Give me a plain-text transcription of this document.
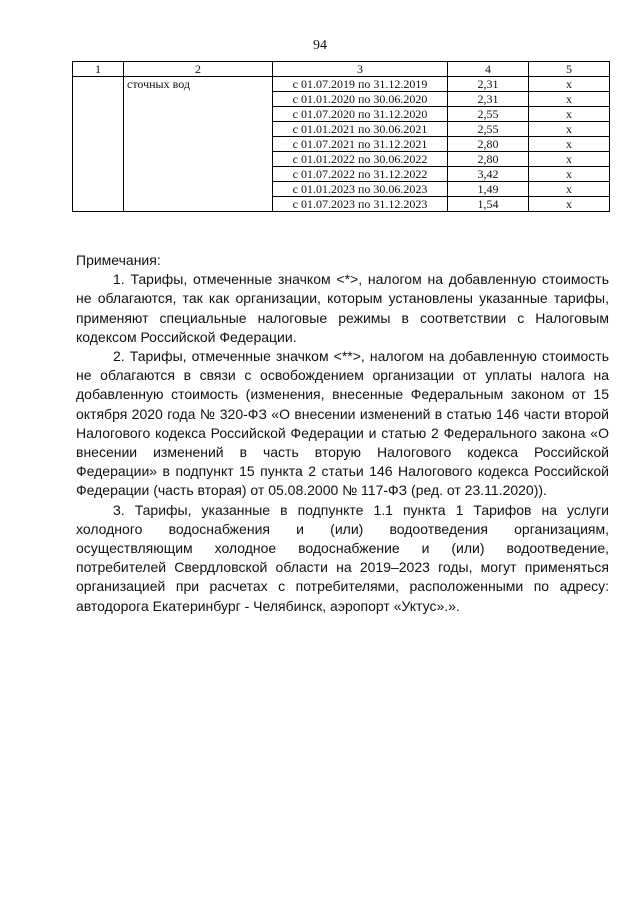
94
1	2	3	4	5
	сточных вод	с 01.07.2019 по 31.12.2019	2,31	х
		с 01.01.2020 по 30.06.2020	2,31	х
		с 01.07.2020 по 31.12.2020	2,55	х
		с 01.01.2021 по 30.06.2021	2,55	х
		с 01.07.2021 по 31.12.2021	2,80	х
		с 01.01.2022 по 30.06.2022	2,80	х
		с 01.07.2022 по 31.12.2022	3,42	х
		с 01.01.2023 по 30.06.2023	1,49	х
		с 01.07.2023 по 31.12.2023	1,54	х

Примечания:

1. Тарифы, отмеченные значком <*>, налогом на добавленную стоимость не облагаются, так как организации, которым установлены указанные тарифы, применяют специальные налоговые режимы в соответствии с Налоговым кодексом Российской Федерации.

2. Тарифы, отмеченные значком <**>, налогом на добавленную стоимость не облагаются в связи с освобождением организации от уплаты налога на добавленную стоимость (изменения, внесенные Федеральным законом от 15 октября 2020 года № 320-ФЗ «О внесении изменений в статью 146 части второй Налогового кодекса Российской Федерации и статью 2 Федерального закона «О внесении изменений в часть вторую Налогового кодекса Российской Федерации» в подпункт 15 пункта 2 статьи 146 Налогового кодекса Российской Федерации (часть вторая) от 05.08.2000 № 117-ФЗ (ред. от 23.11.2020)).

3. Тарифы, указанные в подпункте 1.1 пункта 1 Тарифов на услуги холодного водоснабжения и (или) водоотведения организациям, осуществляющим холодное водоснабжение и (или) водоотведение, потребителей Свердловской области на 2019–2023 годы, могут применяться организацией при расчетах с потребителями, расположенными по адресу: автодорога Екатеринбург - Челябинск, аэропорт «Уктус».».
